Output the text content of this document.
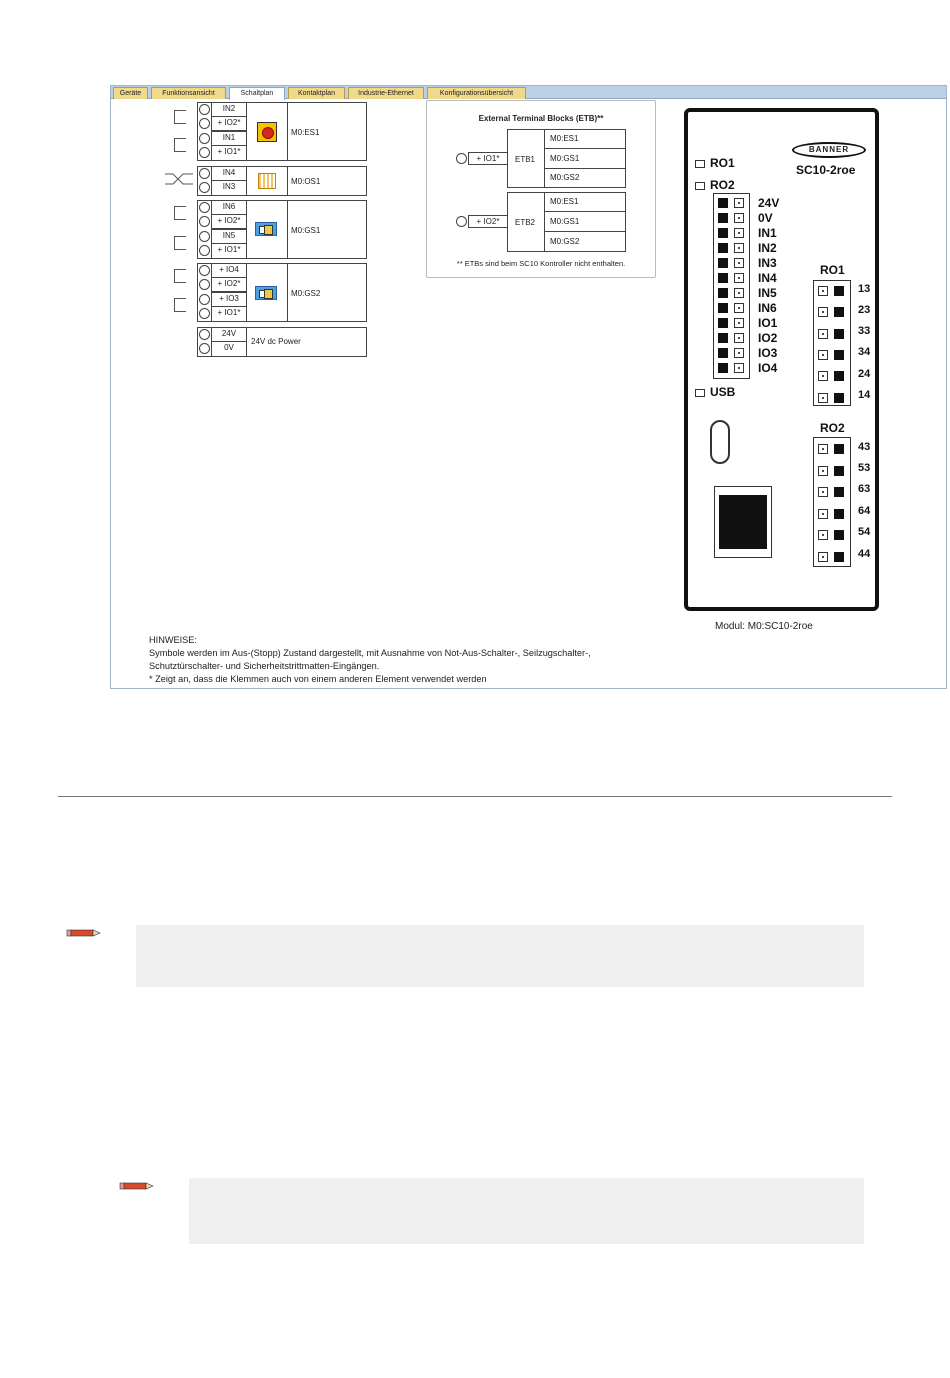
Geräte	Funktionsansicht	Schaltplan	Kontaktplan	Industrie-Ethernet	Konfigurationsübersicht
IN2
+ IO2*
IN1
+ IO1*
M0:ES1
IN4
IN3
M0:OS1
IN6
+ IO2*
IN5
+ IO1*
M0:GS1
+ IO4
+ IO2*
+ IO3
+ IO1*
M0:GS2
24V
0V
24V dc Power
External Terminal Blocks (ETB)**
+ IO1*	ETB1
M0:ES1
M0:GS1
M0:GS2
+ IO2*	ETB2
M0:ES1
M0:GS1
M0:GS2
** ETBs sind beim SC10 Kontroller nicht enthalten.
BANNER
SC10-2roe
RO1
RO2
24V
0V
IN1
IN2
IN3
IN4
IN5
IN6
IO1
IO2
IO3
IO4
USB
RO1
13
23
33
34
24
14
RO2
43
53
63
64
54
44
Modul: M0:SC10-2roe
HINWEISE:
Symbole werden im Aus-(Stopp) Zustand dargestellt, mit Ausnahme von Not-Aus-Schalter-, Seilzugschalter-,
Schutztürschalter- und Sicherheitstrittmatten-Eingängen.
* Zeigt an, dass die Klemmen auch von einem anderen Element verwendet werden
